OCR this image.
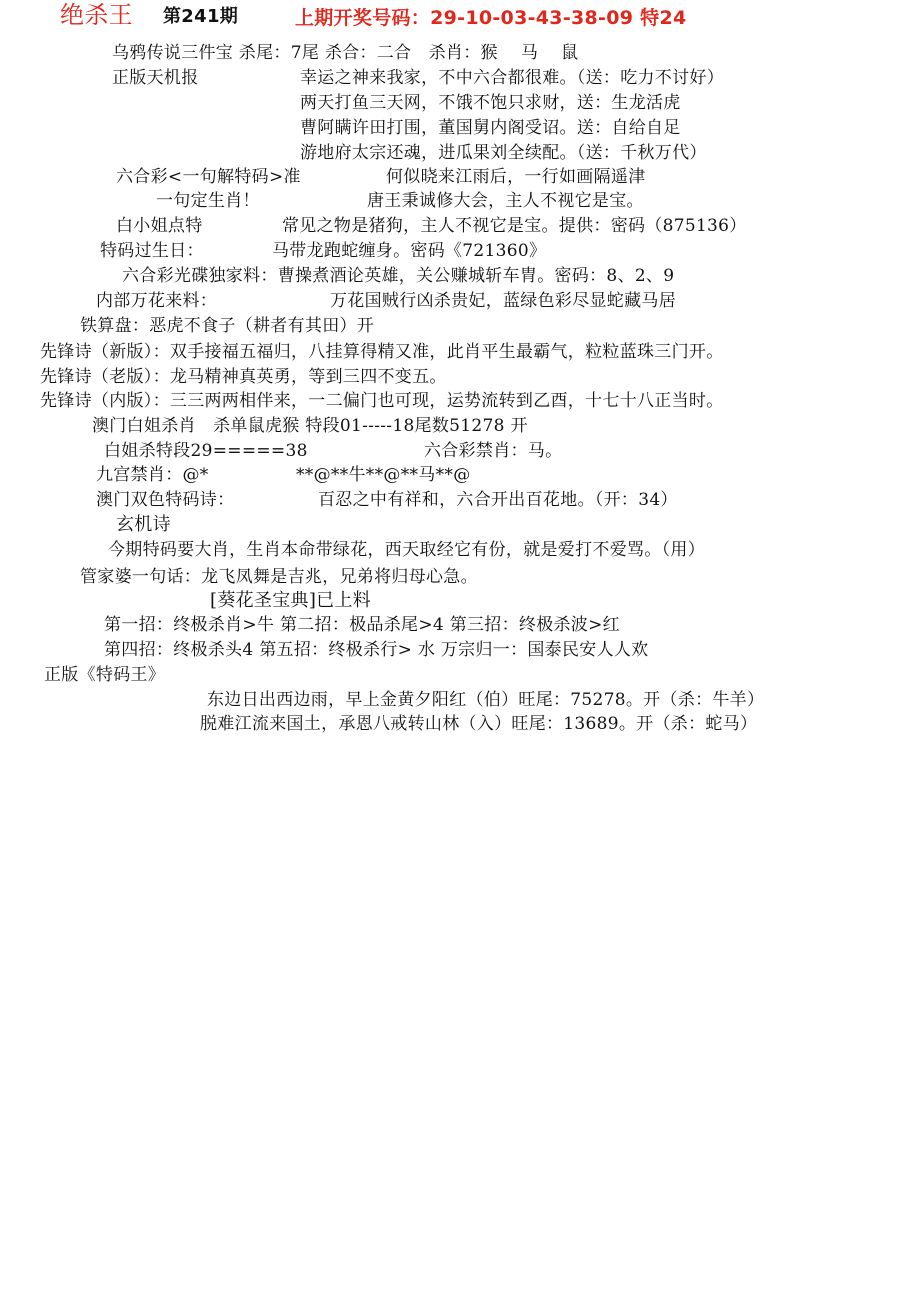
绝杀王 第241期	上期开奖号码：29-10-03-43-38-09 特24
乌鸦传说三件宝 杀尾：7尾 杀合：二合　杀肖：猴　 马　 鼠
正版天机报	幸运之神来我家，不中六合都很难。（送：吃力不讨好）
两天打鱼三天网，不饿不饱只求财，送：生龙活虎
曹阿瞒许田打围，董国舅内阁受诏。送：自给自足
游地府太宗还魂，进瓜果刘全续配。（送：千秋万代）
六合彩<一句解特码>准	何似晓来江雨后，一行如画隔遥津
一句定生肖！	唐王秉诚修大会，主人不视它是宝。
白小姐点特	常见之物是猪狗，主人不视它是宝。提供：密码（875136）
特码过生日：	马带龙跑蛇缠身。密码《721360》
六合彩光碟独家料：曹操煮酒论英雄，关公赚城斩车胄。密码：8、2、9
内部万花来料：	万花国贼行凶杀贵妃，蓝绿色彩尽显蛇藏马居
铁算盘：恶虎不食子（耕者有其田）开
先锋诗（新版）：双手接福五福归，八挂算得精又准，此肖平生最霸气，粒粒蓝珠三门开。
先锋诗（老版）：龙马精神真英勇，等到三四不变五。
先锋诗（内版）：三三两两相伴来，一二偏门也可现，运势流转到乙酉，十七十八正当时。
澳门白姐杀肖　杀单鼠虎猴 特段01-----18尾数51278 开
白姐杀特段29=====38	六合彩禁肖：马。
九宫禁肖：@*	**@**牛**@**马**@
澳门双色特码诗：	百忍之中有祥和，六合开出百花地。（开：34）
玄机诗
今期特码要大肖，生肖本命带绿花，西天取经它有份，就是爱打不爱骂。（用）
管家婆一句话：龙飞凤舞是吉兆，兄弟将归母心急。
[葵花圣宝典]已上料
第一招：终极杀肖>牛 第二招：极品杀尾>4 第三招：终极杀波>红
第四招：终极杀头4 第五招：终极杀行> 水 万宗归一：国泰民安人人欢
正版《特码王》
东边日出西边雨，早上金黄夕阳红（伯）旺尾：75278。开（杀：牛羊）
脱难江流来国土，承恩八戒转山林（入）旺尾：13689。开（杀：蛇马）
